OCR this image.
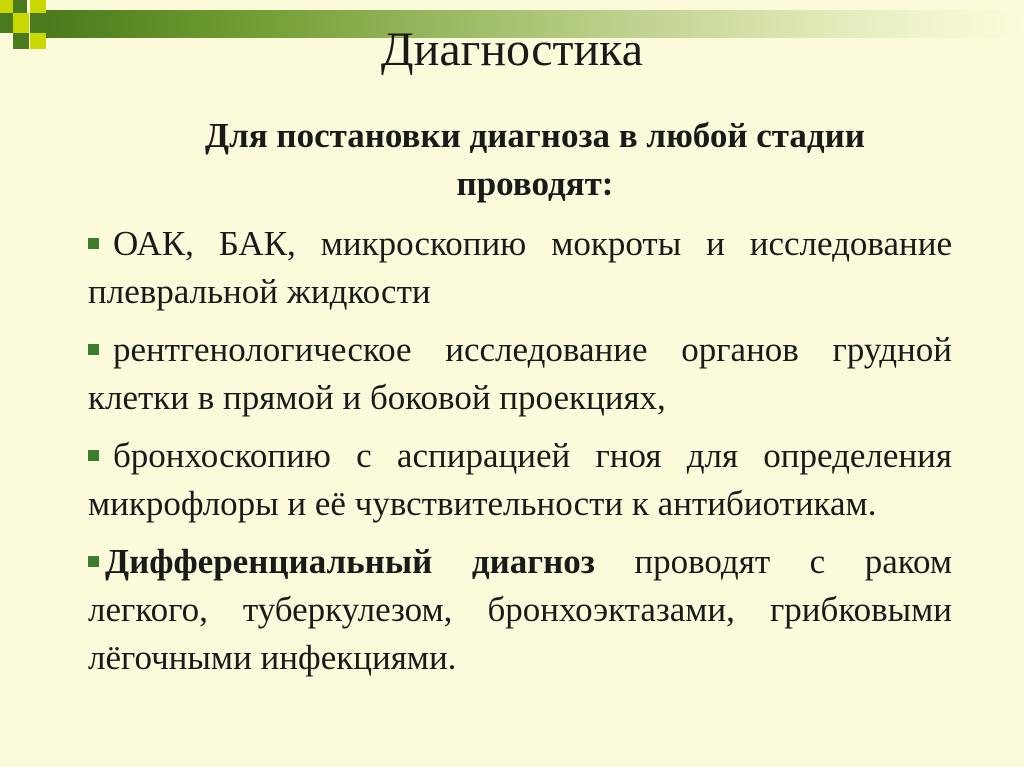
Диагностика
Для постановки диагноза в любой стадии проводят:
ОАК, БАК, микроскопию мокроты и исследование плевральной жидкости
рентгенологическое исследование органов грудной клетки в прямой и боковой проекциях,
бронхоскопию с аспирацией гноя для определения микрофлоры и её чувствительности к антибиотикам.
Дифференциальный диагноз проводят с раком легкого, туберкулезом, бронхоэктазами, грибковыми лёгочными инфекциями.
